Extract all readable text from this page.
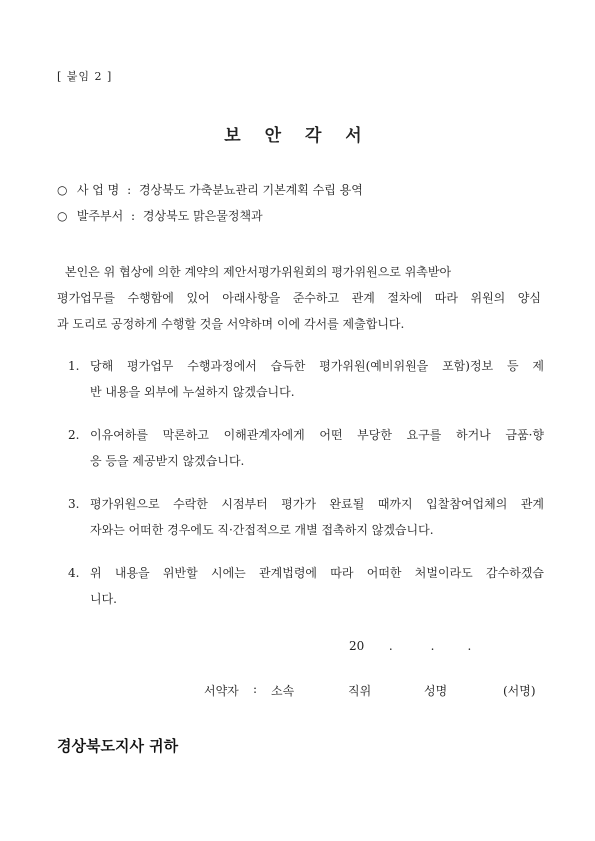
[ 붙임 2 ]
보 안 각 서
○ 사 업 명 : 경상북도 가축분뇨관리 기본계획 수립 용역
○ 발주부서 : 경상북도 맑은물정책과
본인은 위 협상에 의한 계약의 제안서평가위원회의 평가위원으로 위촉받아
평가업무를 수행함에 있어 아래사항을 준수하고 관계 절차에 따라 위원의 양심
과 도리로 공정하게 수행할 것을 서약하며 이에 각서를 제출합니다.
1. 당해 평가업무 수행과정에서 습득한 평가위원(예비위원을 포함)정보 등 제
반 내용을 외부에 누설하지 않겠습니다.
2. 이유여하를 막론하고 이해관계자에게 어떤 부당한 요구를 하거나 금품·향
응 등을 제공받지 않겠습니다.
3. 평가위원으로 수락한 시점부터 평가가 완료될 때까지 입찰참여업체의 관계
자와는 어떠한 경우에도 직·간접적으로 개별 접촉하지 않겠습니다.
4. 위 내용을 위반할 시에는 관계법령에 따라 어떠한 처벌이라도 감수하겠습
니다.
20 .	.	.
서약자 : 소속	직위	성명	(서명)
경상북도지사 귀하
